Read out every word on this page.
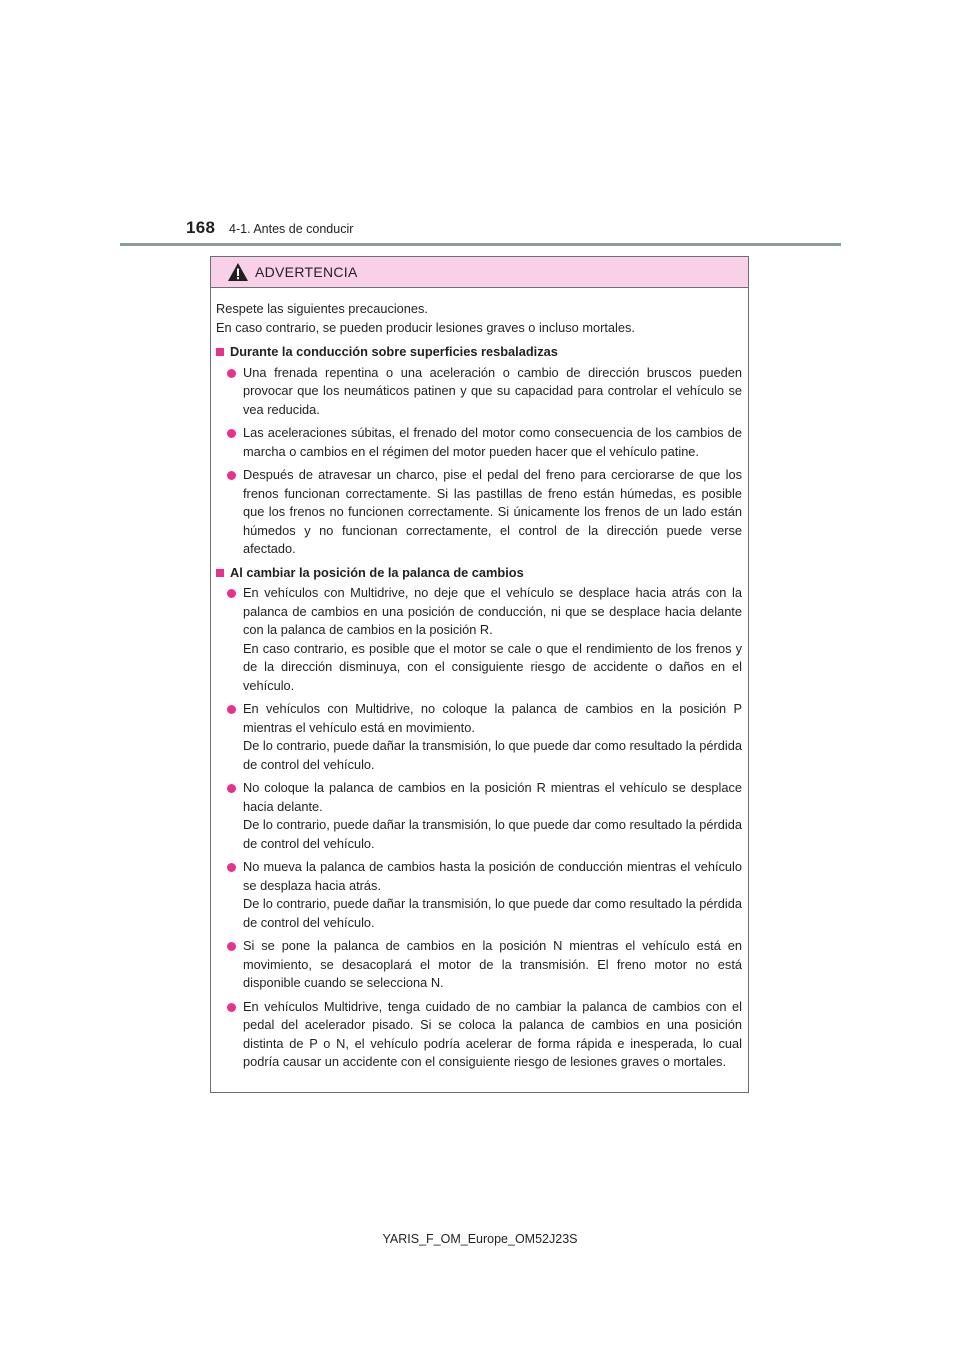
168 4-1. Antes de conducir
ADVERTENCIA
Respete las siguientes precauciones.
En caso contrario, se pueden producir lesiones graves o incluso mortales.
Durante la conducción sobre superficies resbaladizas
Una frenada repentina o una aceleración o cambio de dirección bruscos pueden provocar que los neumáticos patinen y que su capacidad para controlar el vehículo se vea reducida.
Las aceleraciones súbitas, el frenado del motor como consecuencia de los cambios de marcha o cambios en el régimen del motor pueden hacer que el vehículo patine.
Después de atravesar un charco, pise el pedal del freno para cerciorarse de que los frenos funcionan correctamente. Si las pastillas de freno están húmedas, es posible que los frenos no funcionen correctamente. Si únicamente los frenos de un lado están húmedos y no funcionan correctamente, el control de la dirección puede verse afectado.
Al cambiar la posición de la palanca de cambios
En vehículos con Multidrive, no deje que el vehículo se desplace hacia atrás con la palanca de cambios en una posición de conducción, ni que se desplace hacia delante con la palanca de cambios en la posición R.
En caso contrario, es posible que el motor se cale o que el rendimiento de los frenos y de la dirección disminuya, con el consiguiente riesgo de accidente o daños en el vehículo.
En vehículos con Multidrive, no coloque la palanca de cambios en la posición P mientras el vehículo está en movimiento.
De lo contrario, puede dañar la transmisión, lo que puede dar como resultado la pérdida de control del vehículo.
No coloque la palanca de cambios en la posición R mientras el vehículo se desplace hacia delante.
De lo contrario, puede dañar la transmisión, lo que puede dar como resultado la pérdida de control del vehículo.
No mueva la palanca de cambios hasta la posición de conducción mientras el vehículo se desplaza hacia atrás.
De lo contrario, puede dañar la transmisión, lo que puede dar como resultado la pérdida de control del vehículo.
Si se pone la palanca de cambios en la posición N mientras el vehículo está en movimiento, se desacoplará el motor de la transmisión. El freno motor no está disponible cuando se selecciona N.
En vehículos Multidrive, tenga cuidado de no cambiar la palanca de cambios con el pedal del acelerador pisado. Si se coloca la palanca de cambios en una posición distinta de P o N, el vehículo podría acelerar de forma rápida e inesperada, lo cual podría causar un accidente con el consiguiente riesgo de lesiones graves o mortales.
YARIS_F_OM_Europe_OM52J23S
